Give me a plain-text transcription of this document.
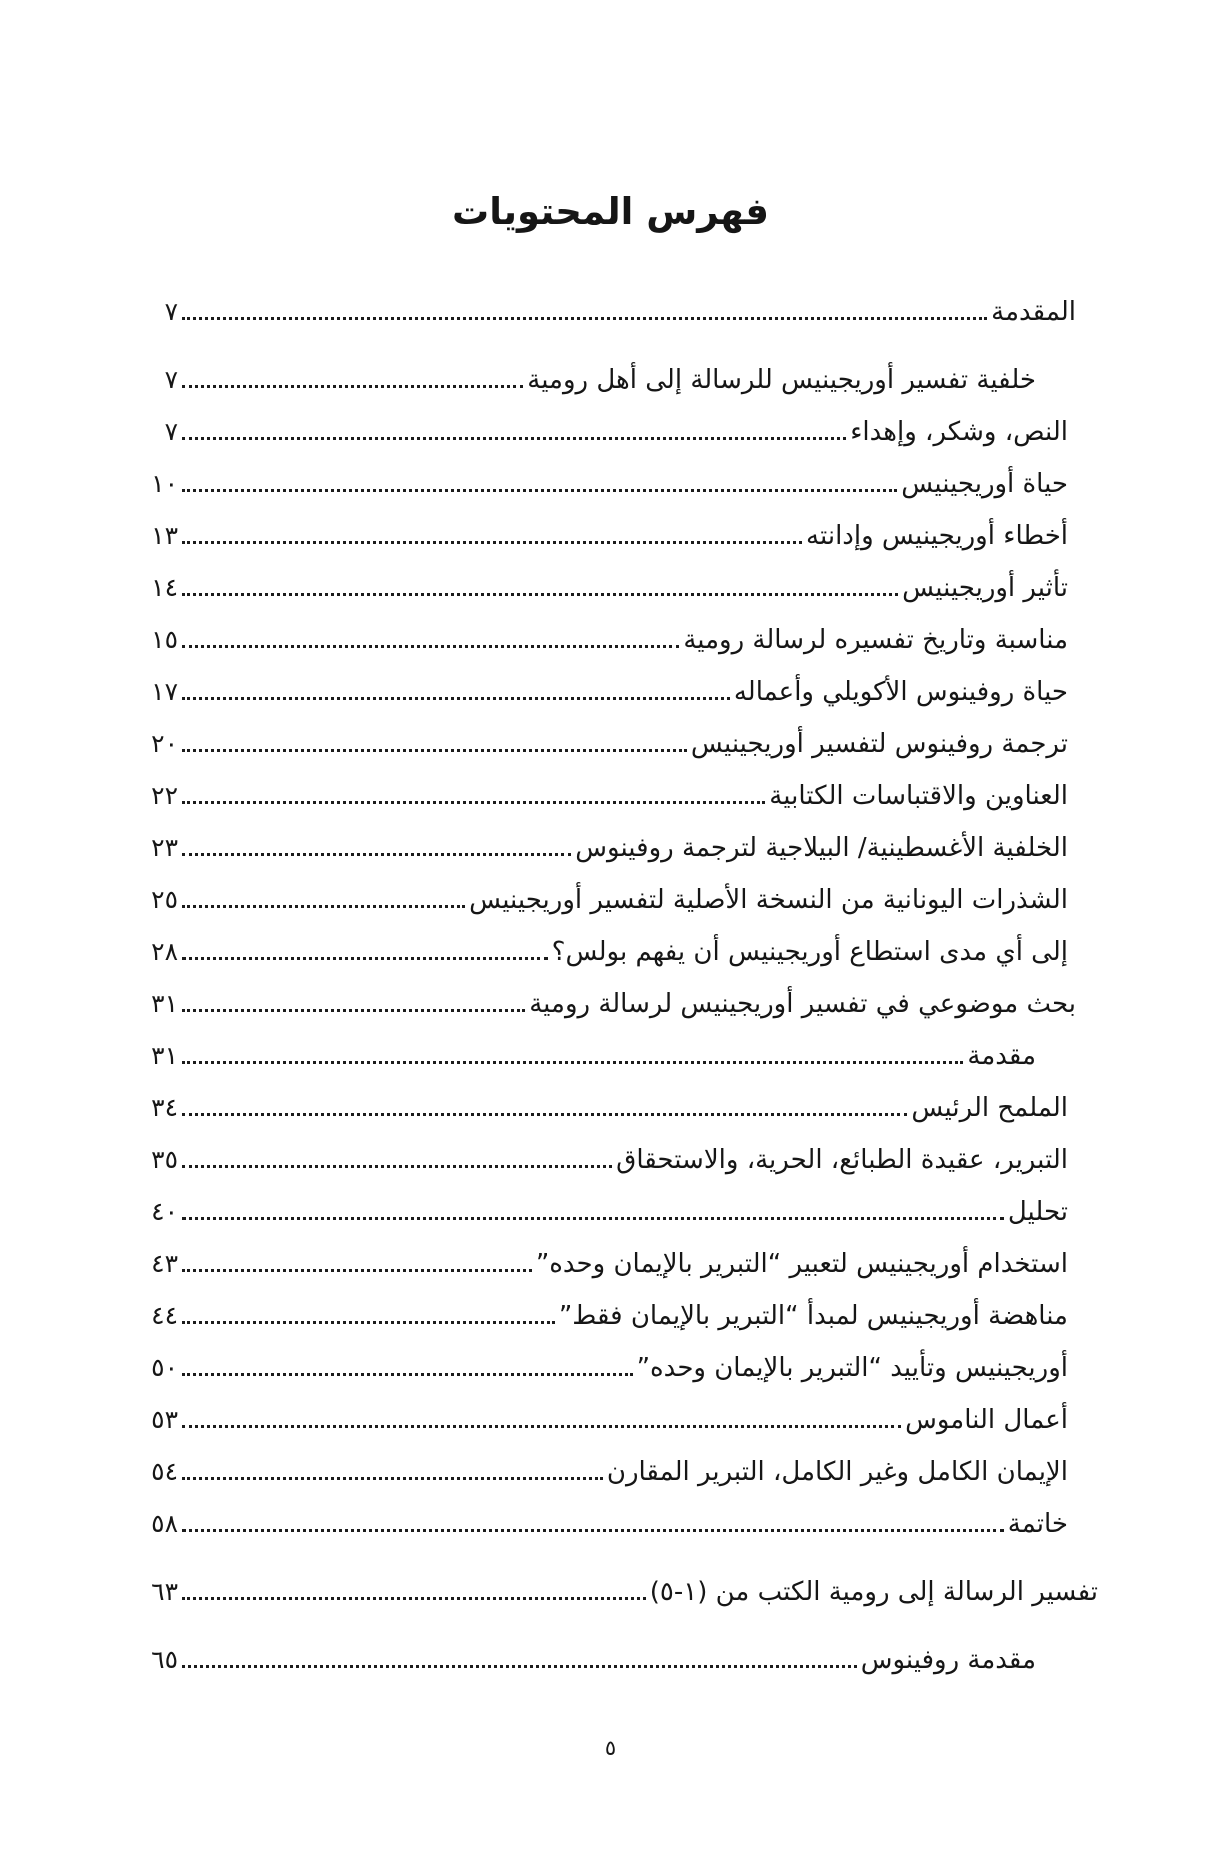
فهرس المحتويات
المقدمة
٧
خلفية تفسير أوريجينيس للرسالة إلى أهل رومية
٧
النص، وشكر، وإهداء
٧
حياة أوريجينيس
١٠
أخطاء أوريجينيس وإدانته
١٣
تأثير أوريجينيس
١٤
مناسبة وتاريخ تفسيره لرسالة رومية
١٥
حياة روفينوس الأكويلي وأعماله
١٧
ترجمة روفينوس لتفسير أوريجينيس
٢٠
العناوين والاقتباسات الكتابية
٢٢
الخلفية الأغسطينية/ البيلاجية لترجمة روفينوس
٢٣
الشذرات اليونانية من النسخة الأصلية لتفسير أوريجينيس
٢٥
إلى أي مدى استطاع أوريجينيس أن يفهم بولس؟
٢٨
بحث موضوعي في تفسير أوريجينيس لرسالة رومية
٣١
مقدمة
٣١
الملمح الرئيس
٣٤
التبرير، عقيدة الطبائع، الحرية، والاستحقاق
٣٥
تحليل
٤٠
استخدام أوريجينيس لتعبير “التبرير بالإيمان وحده”
٤٣
مناهضة أوريجينيس لمبدأ “التبرير بالإيمان فقط”
٤٤
أوريجينيس وتأييد “التبرير بالإيمان وحده”
٥٠
أعمال الناموس
٥٣
الإيمان الكامل وغير الكامل، التبرير المقارن
٥٤
خاتمة
٥٨
تفسير الرسالة إلى رومية الكتب من (١-٥)
٦٣
مقدمة روفينوس
٦٥
٥
